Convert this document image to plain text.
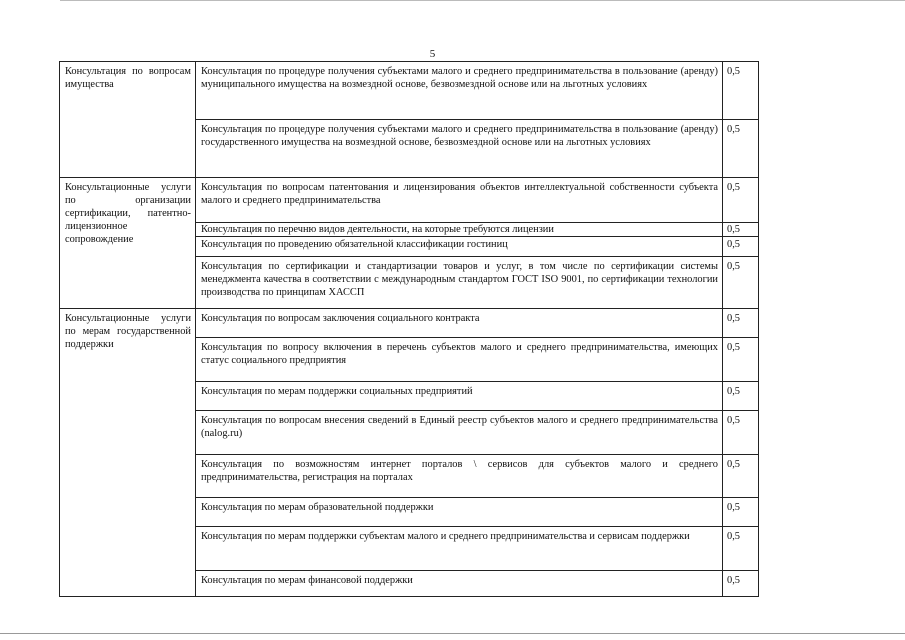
5
Консультация по вопросам имущества	Консультация по процедуре получения субъектами малого и среднего предпринимательства в пользование (аренду) муниципального имущества на возмездной основе, безвозмездной основе или на льготных условиях	0,5
	Консультация по процедуре получения субъектами малого и среднего предпринимательства в пользование (аренду) государственного имущества на возмездной основе, безвозмездной основе или на льготных условиях	0,5

Консультационные услуги по организации сертификации, патентно-лицензионное сопровождение	Консультация по вопросам патентования и лицензирования объектов интеллектуальной собственности субъекта малого и среднего предпринимательства	0,5
	Консультация по перечню видов деятельности, на которые требуются лицензии	0,5
	Консультация по проведению обязательной классификации гостиниц	0,5
	Консультация по сертификации и стандартизации товаров и услуг, в том числе по сертификации системы менеджмента качества в соответствии с международным стандартом ГОСТ ISO 9001, по сертификации технологии производства по принципам ХАССП	0,5

Консультационные услуги по мерам государственной поддержки	Консультация по вопросам заключения социального контракта	0,5
	Консультация по вопросу включения в перечень субъектов малого и среднего предпринимательства, имеющих статус социального предприятия	0,5
	Консультация по мерам поддержки социальных предприятий	0,5
	Консультация по вопросам внесения сведений в Единый реестр субъектов малого и среднего предпринимательства (nalog.ru)	0,5
	Консультация по возможностям интернет порталов \ сервисов для субъектов малого и среднего предпринимательства, регистрация на порталах	0,5
	Консультация по мерам образовательной поддержки	0,5
	Консультация по мерам поддержки субъектам малого и среднего предпринимательства и сервисам поддержки	0,5
	Консультация по мерам финансовой поддержки	0,5
